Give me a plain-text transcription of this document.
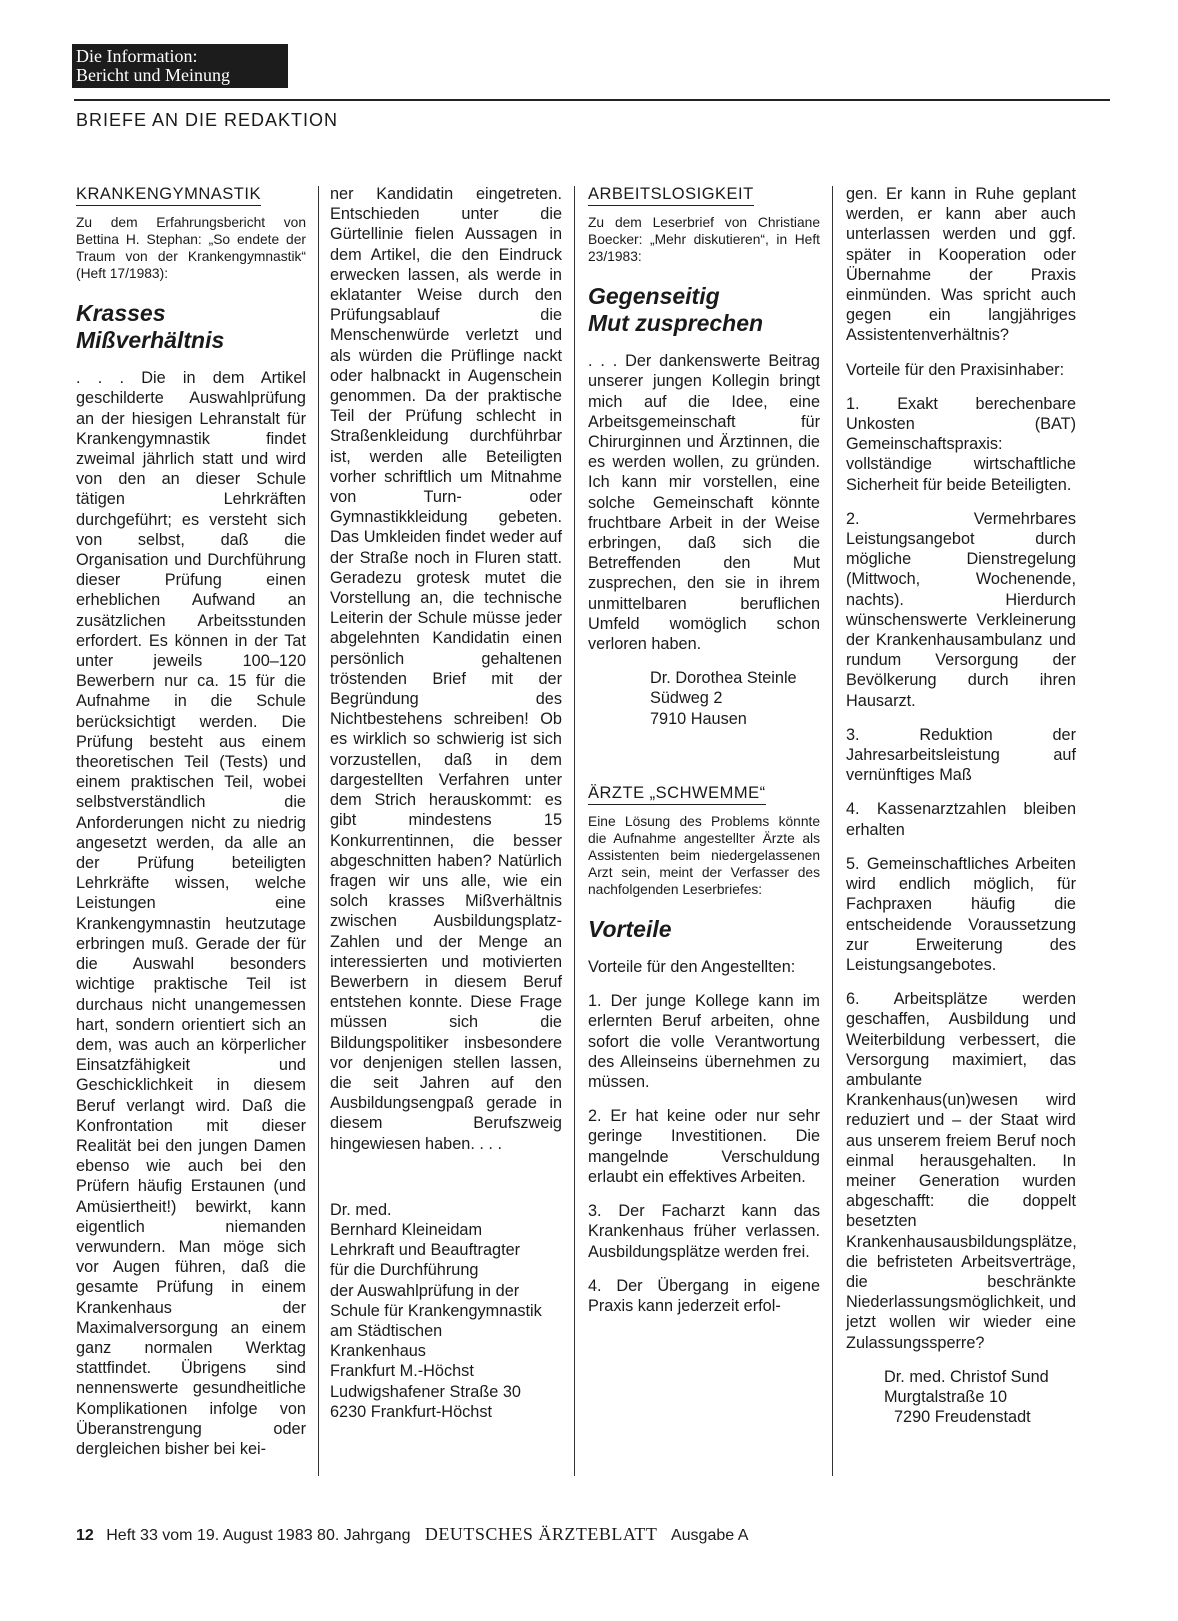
Die Information:
Bericht und Meinung
BRIEFE AN DIE REDAKTION
KRANKENGYMNASTIK

Zu dem Erfahrungsbericht von Bettina H. Stephan: „So endete der Traum von der Krankengymnastik“ (Heft 17/1983):

Krasses
Mißverhältnis

. . . Die in dem Artikel geschilderte Auswahlprüfung an der hiesigen Lehranstalt für Krankengymnastik findet zweimal jährlich statt und wird von den an dieser Schule tätigen Lehrkräften durchgeführt; es versteht sich von selbst, daß die Organisation und Durchführung dieser Prüfung einen erheblichen Aufwand an zusätzlichen Arbeitsstunden erfordert. Es können in der Tat unter jeweils 100–120 Bewerbern nur ca. 15 für die Aufnahme in die Schule berücksichtigt werden. Die Prüfung besteht aus einem theoretischen Teil (Tests) und einem praktischen Teil, wobei selbstverständlich die Anforderungen nicht zu niedrig angesetzt werden, da alle an der Prüfung beteiligten Lehrkräfte wissen, welche Leistungen eine Krankengymnastin heutzutage erbringen muß. Gerade der für die Auswahl besonders wichtige praktische Teil ist durchaus nicht unangemessen hart, sondern orientiert sich an dem, was auch an körperlicher Einsatzfähigkeit und Geschicklichkeit in diesem Beruf verlangt wird. Daß die Konfrontation mit dieser Realität bei den jungen Damen ebenso wie auch bei den Prüfern häufig Erstaunen (und Amüsiertheit!) bewirkt, kann eigentlich niemanden verwundern. Man möge sich vor Augen führen, daß die gesamte Prüfung in einem Krankenhaus der Maximalversorgung an einem ganz normalen Werktag stattfindet. Übrigens sind nennenswerte gesundheitliche Komplikationen infolge von Überanstrengung oder dergleichen bisher bei kei-

ner Kandidatin eingetreten. Entschieden unter die Gürtellinie fielen Aussagen in dem Artikel, die den Eindruck erwecken lassen, als werde in eklatanter Weise durch den Prüfungsablauf die Menschenwürde verletzt und als würden die Prüflinge nackt oder halbnackt in Augenschein genommen. Da der praktische Teil der Prüfung schlecht in Straßenkleidung durchführbar ist, werden alle Beteiligten vorher schriftlich um Mitnahme von Turn- oder Gymnastikkleidung gebeten. Das Umkleiden findet weder auf der Straße noch in Fluren statt. Geradezu grotesk mutet die Vorstellung an, die technische Leiterin der Schule müsse jeder abgelehnten Kandidatin einen persönlich gehaltenen tröstenden Brief mit der Begründung des Nichtbestehens schreiben! Ob es wirklich so schwierig ist sich vorzustellen, daß in dem dargestellten Verfahren unter dem Strich herauskommt: es gibt mindestens 15 Konkurrentinnen, die besser abgeschnitten haben? Natürlich fragen wir uns alle, wie ein solch krasses Mißverhältnis zwischen Ausbildungsplatz-Zahlen und der Menge an interessierten und motivierten Bewerbern in diesem Beruf entstehen konnte. Diese Frage müssen sich die Bildungspolitiker insbesondere vor denjenigen stellen lassen, die seit Jahren auf den Ausbildungsengpaß gerade in diesem Berufszweig hingewiesen haben. . . .

Dr. med.

Bernhard Kleineidam

Lehrkraft und Beauftragter

für die Durchführung

der Auswahlprüfung in der

Schule für Krankengymnastik am Städtischen

Krankenhaus

Frankfurt M.-Höchst

Ludwigshafener Straße 30

6230 Frankfurt-Höchst

ARBEITSLOSIGKEIT

Zu dem Leserbrief von Christiane Boecker: „Mehr diskutieren“, in Heft 23/1983:

Gegenseitig
Mut zusprechen

. . . Der dankenswerte Beitrag unserer jungen Kollegin bringt mich auf die Idee, eine Arbeitsgemeinschaft für Chirurginnen und Ärztinnen, die es werden wollen, zu gründen. Ich kann mir vorstellen, eine solche Gemeinschaft könnte fruchtbare Arbeit in der Weise erbringen, daß sich die Betreffenden den Mut zusprechen, den sie in ihrem unmittelbaren beruflichen Umfeld womöglich schon verloren haben.

Dr. Dorothea Steinle

Südweg 2

7910 Hausen

ÄRZTE „SCHWEMME“

Eine Lösung des Problems könnte die Aufnahme angestellter Ärzte als Assistenten beim niedergelassenen Arzt sein, meint der Verfasser des nachfolgenden Leserbriefes:

Vorteile

Vorteile für den Angestellten:

1. Der junge Kollege kann im erlernten Beruf arbeiten, ohne sofort die volle Verantwortung des Alleinseins übernehmen zu müssen.

2. Er hat keine oder nur sehr geringe Investitionen. Die mangelnde Verschuldung erlaubt ein effektives Arbeiten.

3. Der Facharzt kann das Krankenhaus früher verlassen. Ausbildungsplätze werden frei.

4. Der Übergang in eigene Praxis kann jederzeit erfol-

gen. Er kann in Ruhe geplant werden, er kann aber auch unterlassen werden und ggf. später in Kooperation oder Übernahme der Praxis einmünden. Was spricht auch gegen ein langjähriges Assistentenverhältnis?

Vorteile für den Praxisinhaber:

1. Exakt berechenbare Unkosten (BAT) Gemeinschaftspraxis: vollständige wirtschaftliche Sicherheit für beide Beteiligten.

2. Vermehrbares Leistungsangebot durch mögliche Dienstregelung (Mittwoch, Wochenende, nachts). Hierdurch wünschenswerte Verkleinerung der Krankenhausambulanz und rundum Versorgung der Bevölkerung durch ihren Hausarzt.

3. Reduktion der Jahresarbeitsleistung auf vernünftiges Maß

4. Kassenarztzahlen bleiben erhalten

5. Gemeinschaftliches Arbeiten wird endlich möglich, für Fachpraxen häufig die entscheidende Voraussetzung zur Erweiterung des Leistungsangebotes.

6. Arbeitsplätze werden geschaffen, Ausbildung und Weiterbildung verbessert, die Versorgung maximiert, das ambulante Krankenhaus(un)wesen wird reduziert und – der Staat wird aus unserem freiem Beruf noch einmal herausgehalten. In meiner Generation wurden abgeschafft: die doppelt besetzten Krankenhausausbildungsplätze, die befristeten Arbeitsverträge, die beschränkte Niederlassungsmöglichkeit, und jetzt wollen wir wieder eine Zulassungssperre?

Dr. med. Christof Sund

Murgtalstraße 10

7290 Freudenstadt

12 Heft 33 vom 19. August 1983 80. Jahrgang DEUTSCHES ÄRZTEBLATT Ausgabe A
